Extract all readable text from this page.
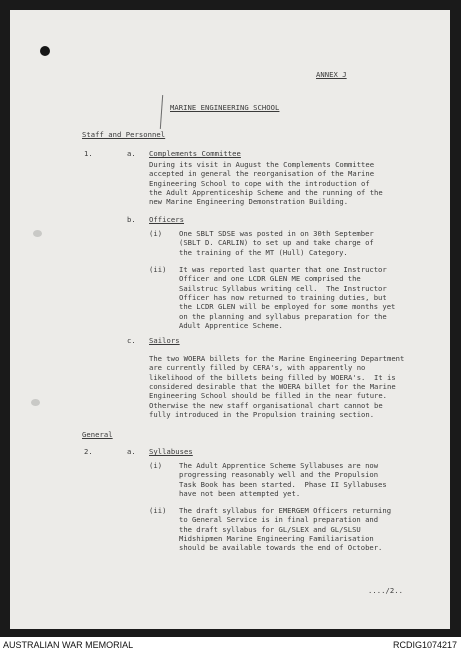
ANNEX J
MARINE ENGINEERING SCHOOL
Staff and Personnel
1.	a. Complements Committee
During its visit in August the Complements Committee
accepted in general the reorganisation of the Marine
Engineering School to cope with the introduction of
the Adult Apprenticeship Scheme and the running of the
new Marine Engineering Demonstration Building.
b. Officers
(i) One SBLT SDSE was posted in on 30th September
(SBLT D. CARLIN) to set up and take charge of
the training of the MT (Hull) Category.
(ii) It was reported last quarter that one Instructor
Officer and one LCDR GLEN ME comprised the
Sailstruc Syllabus writing cell.  The Instructor
Officer has now returned to training duties, but
the LCDR GLEN will be employed for some months yet
on the planning and syllabus preparation for the
Adult Apprentice Scheme.
c. Sailors
The two WOERA billets for the Marine Engineering Department
are currently filled by CERA's, with apparently no
likelihood of the billets being filled by WOERA's.  It is
considered desirable that the WOERA billet for the Marine
Engineering School should be filled in the near future.
Otherwise the new staff organisational chart cannot be
fully introduced in the Propulsion training section.
General
2.	a. Syllabuses
(i) The Adult Apprentice Scheme Syllabuses are now
progressing reasonably well and the Propulsion
Task Book has been started.  Phase II Syllabuses
have not been attempted yet.
(ii) The draft syllabus for EMERGEM Officers returning
to General Service is in final preparation and
the draft syllabus for GL/SLEX and GL/SLSU
Midshipmen Marine Engineering Familiarisation
should be available towards the end of October.
..../2..
AUSTRALIAN WAR MEMORIAL	RCDIG1074217
